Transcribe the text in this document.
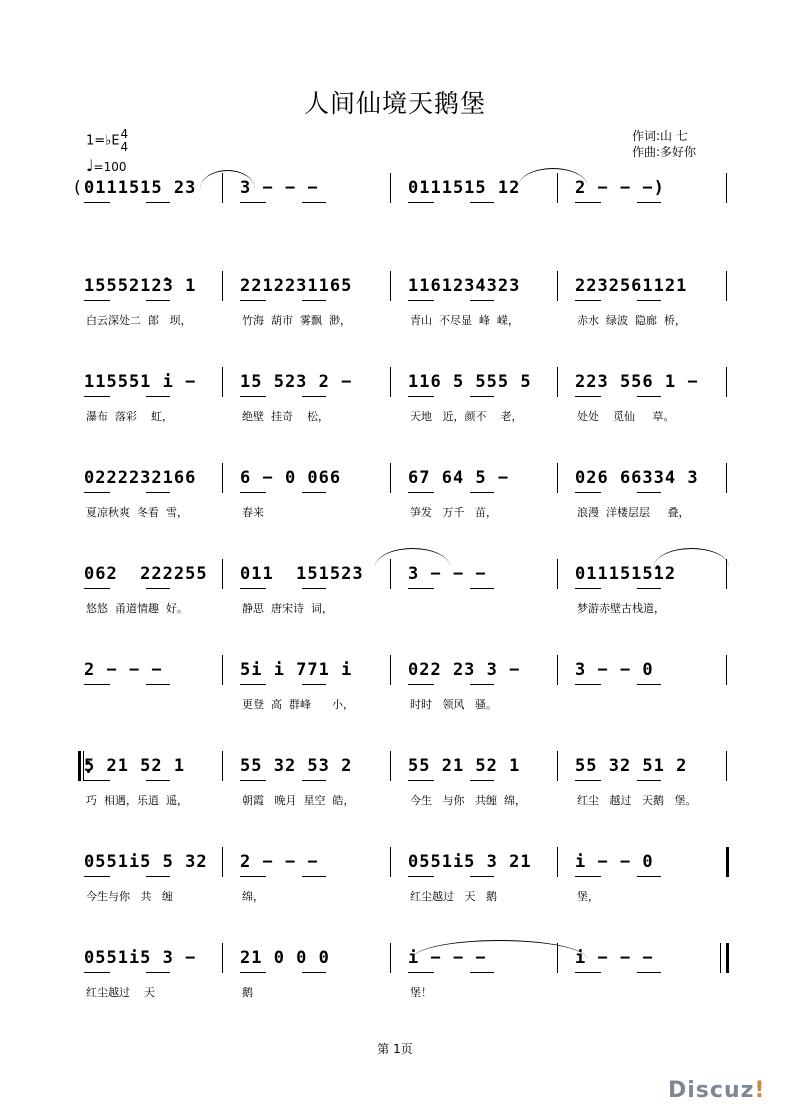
人间仙境天鹅堡
1=♭E4
4
♩=100
作词:山 七
作曲:多好你
( 0111515 23	3 − − −	0111515 12	2 − − −)
1555212̂3 1
白云深处二  郎   坝，
2212231165
竹海  葫市  雾飘  渺，
1161234323
青山  不尽显  峰  嵘，
2232561121
赤水  绿波  隐廊  桥，
115551 i −
瀑布  落彩    虹，
15 523 2 −
绝壁  挂奇    松，
116 5 555 5
天地   近，颜不    老，
223 556 1 −
处处    觅仙     草。
0222232166
夏凉秋爽  冬看  雪，
6 − 0 066
春来
67 64 5 −
笋发   万千   苗，
026 66334 3
浪漫  洋楼层层     叠，
062  222255
悠悠  甬道情趣  好。
011  151523
静思  唐宋诗  词，
3 − − −	0111515̂12
梦游赤壁古栈道，
2 − − −	5i i 771 i
更登  高  群峰      小，
022 23 3 −
时时   领风   骚。
3 − − 0
5 21 52 1
巧  相遇，乐逍  遥，
55 32 53 2
朝霞   晚月  星空  皓，
55 21 52 1
今生   与你   共缠  绵，
55 32 51 2
红尘   越过   天鹅   堡。
0551i5 5 32
今生与你   共   缠
2 − − −
绵，
0551i5 3 21
红尘越过   天   鹅
i − − 0
堡，
0551i5 3 −
红尘越过    天
21 0 0 0
鹅
i − − −
堡！
i − − −
第 1页
Discuz!
